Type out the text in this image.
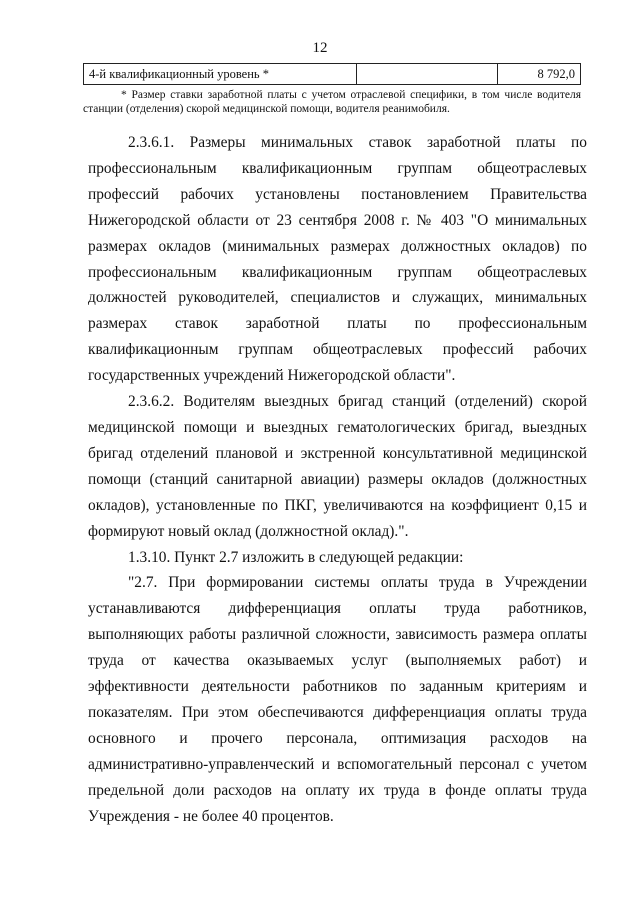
12
4-й квалификационный уровень *		8 792,0
* Размер ставки заработной платы с учетом отраслевой специфики, в том числе водителя станции (отделения) скорой медицинской помощи, водителя реанимобиля.

2.3.6.1. Размеры минимальных ставок заработной платы по профессиональным квалификационным группам общеотраслевых профессий рабочих установлены постановлением Правительства Нижегородской области от 23 сентября 2008 г. № 403 "О минимальных размерах окладов (минимальных размерах должностных окладов) по профессиональным квалификационным группам общеотраслевых должностей руководителей, специалистов и служащих, минимальных размерах ставок заработной платы по профессиональным квалификационным группам общеотраслевых профессий рабочих государственных учреждений Нижегородской области".

2.3.6.2. Водителям выездных бригад станций (отделений) скорой медицинской помощи и выездных гематологических бригад, выездных бригад отделений плановой и экстренной консультативной медицинской помощи (станций санитарной авиации) размеры окладов (должностных окладов), установленные по ПКГ, увеличиваются на коэффициент 0,15 и формируют новый оклад (должностной оклад).".

1.3.10. Пункт 2.7 изложить в следующей редакции:

"2.7. При формировании системы оплаты труда в Учреждении устанавливаются дифференциация оплаты труда работников, выполняющих работы различной сложности, зависимость размера оплаты труда от качества оказываемых услуг (выполняемых работ) и эффективности деятельности работников по заданным критериям и показателям. При этом обеспечиваются дифференциация оплаты труда основного и прочего персонала, оптимизация расходов на административно-управленческий и вспомогательный персонал с учетом предельной доли расходов на оплату их труда в фонде оплаты труда Учреждения - не более 40 процентов.
